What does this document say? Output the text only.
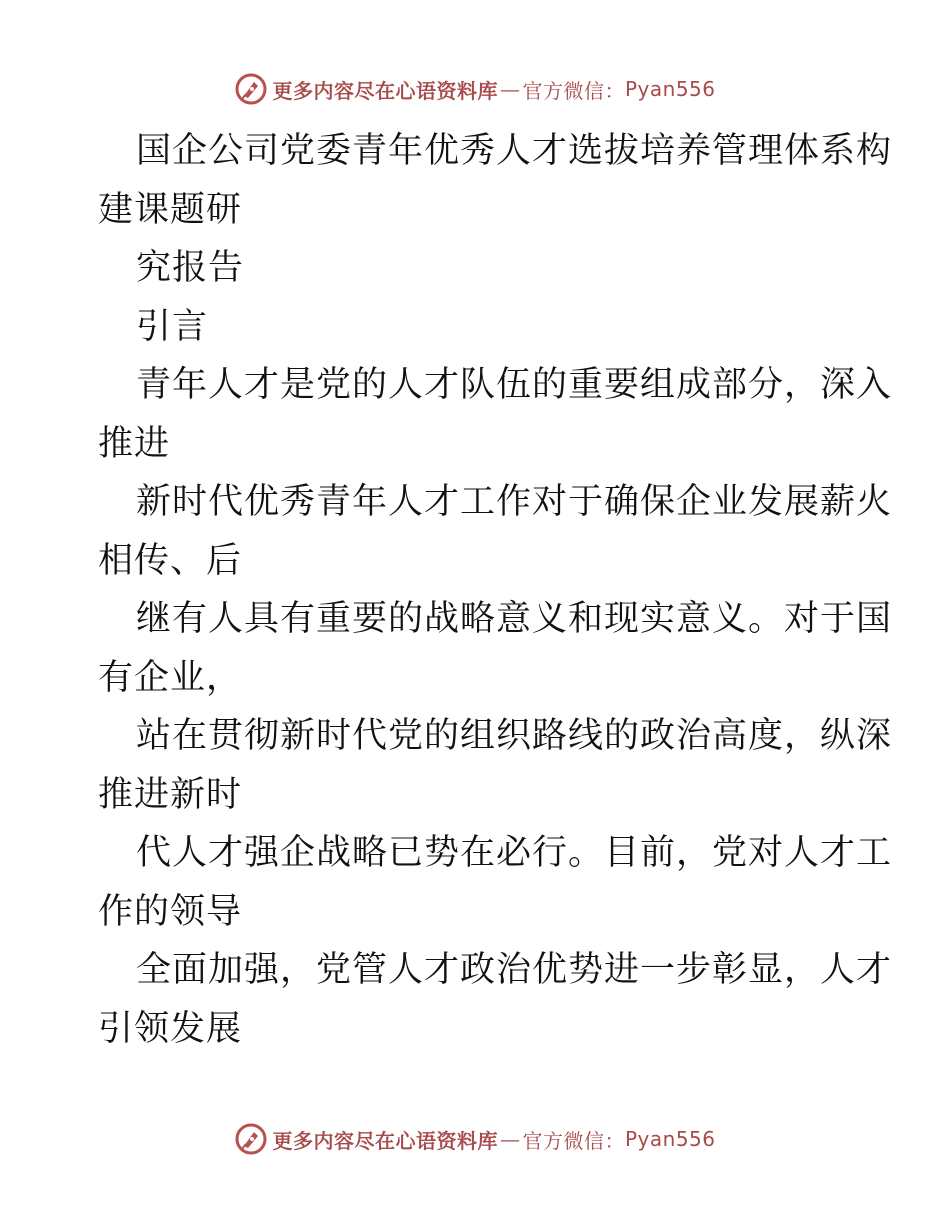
更多内容尽在心语资料库 — 官方微信： Pyan556
国企公司党委青年优秀人才选拔培养管理体系构
建课题研
究报告
引言
青年人才是党的人才队伍的重要组成部分，深入
推进
新时代优秀青年人才工作对于确保企业发展薪火
相传、后
继有人具有重要的战略意义和现实意义。对于国
有企业，
站在贯彻新时代党的组织路线的政治高度，纵深
推进新时
代人才强企战略已势在必行。目前，党对人才工
作的领导
全面加强，党管人才政治优势进一步彰显，人才
引领发展
更多内容尽在心语资料库 — 官方微信： Pyan556
